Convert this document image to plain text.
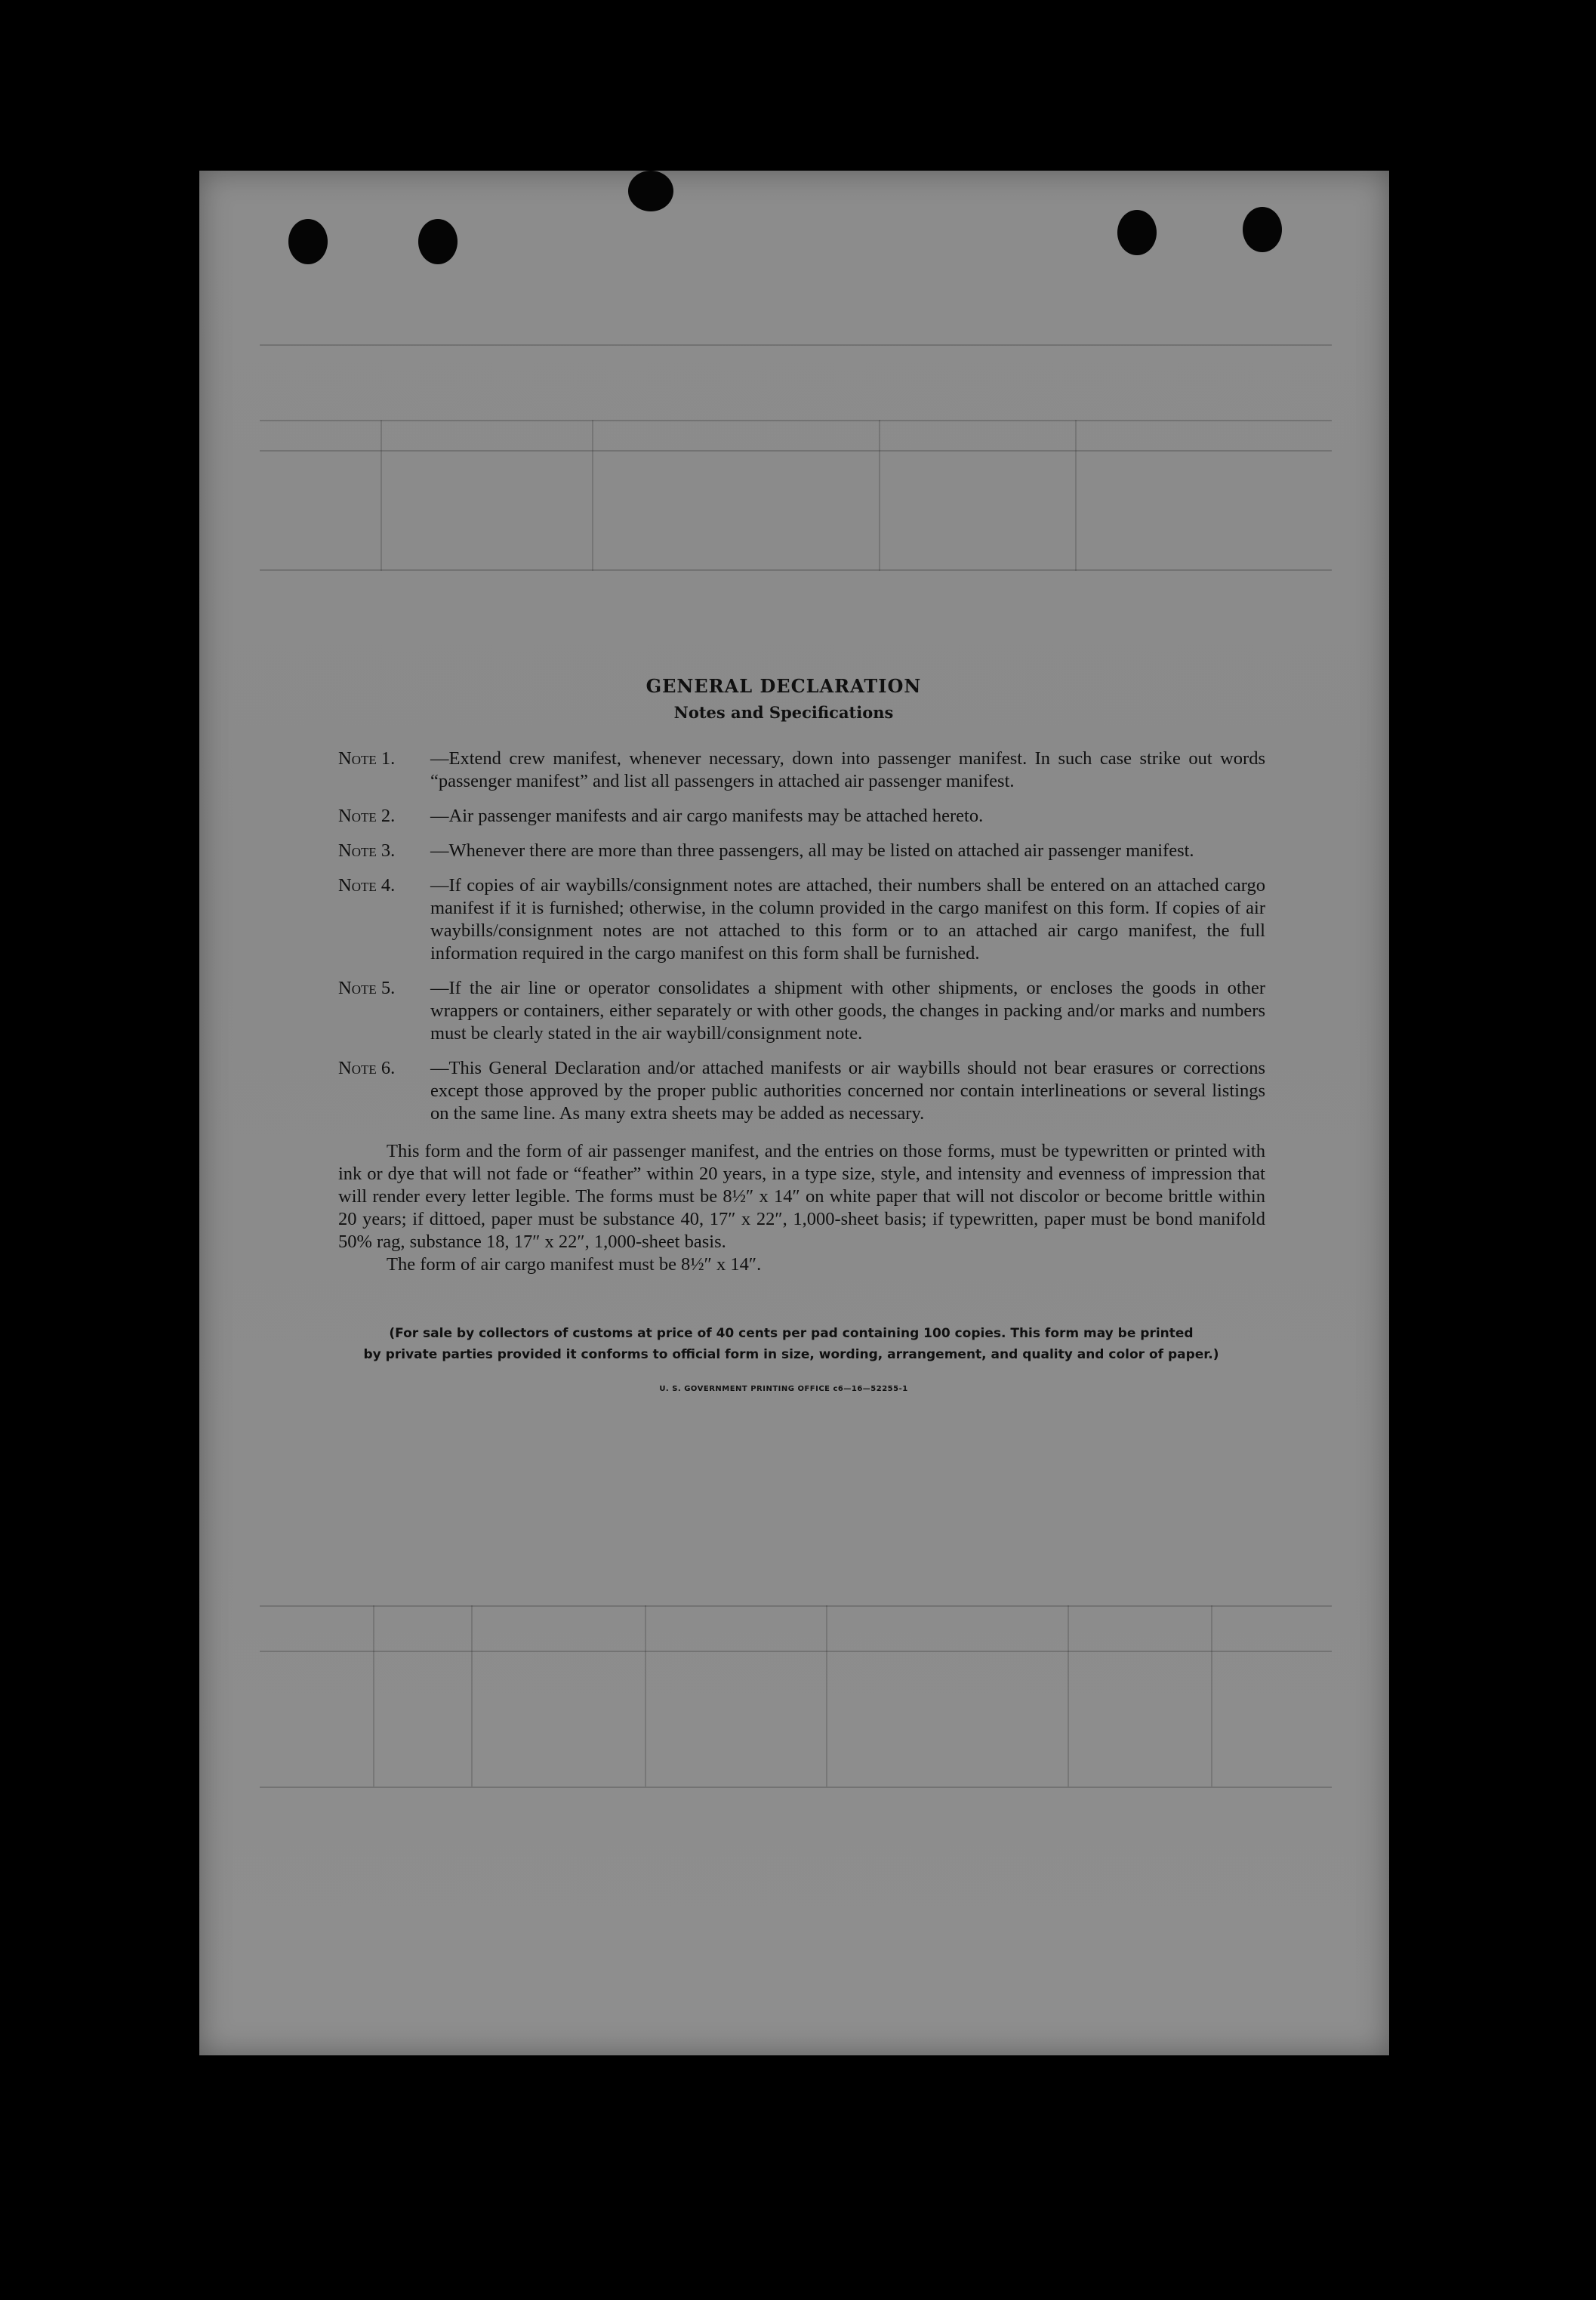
GENERAL DECLARATION
Notes and Specifications
Note 1. —Extend crew manifest, whenever necessary, down into passenger manifest. In such case strike out words “passenger manifest” and list all passengers in attached air passenger manifest.
Note 2. —Air passenger manifests and air cargo manifests may be attached hereto.
Note 3. —Whenever there are more than three passengers, all may be listed on attached air passenger manifest.
Note 4. —If copies of air waybills/consignment notes are attached, their numbers shall be entered on an attached cargo manifest if it is furnished; otherwise, in the column provided in the cargo manifest on this form. If copies of air waybills/consignment notes are not attached to this form or to an attached air cargo manifest, the full information required in the cargo manifest on this form shall be furnished.
Note 5. —If the air line or operator consolidates a shipment with other shipments, or encloses the goods in other wrappers or containers, either separately or with other goods, the changes in packing and/or marks and numbers must be clearly stated in the air waybill/consignment note.
Note 6. —This General Declaration and/or attached manifests or air waybills should not bear erasures or corrections except those approved by the proper public authorities concerned nor contain interlineations or several listings on the same line. As many extra sheets may be added as necessary.
This form and the form of air passenger manifest, and the entries on those forms, must be typewritten or printed with ink or dye that will not fade or “feather” within 20 years, in a type size, style, and intensity and evenness of impression that will render every letter legible. The forms must be 8½″ x 14″ on white paper that will not discolor or become brittle within 20 years; if dittoed, paper must be substance 40, 17″ x 22″, 1,000-sheet basis; if typewritten, paper must be bond manifold 50% rag, substance 18, 17″ x 22″, 1,000-sheet basis.
The form of air cargo manifest must be 8½″ x 14″.
(For sale by collectors of customs at price of 40 cents per pad containing 100 copies. This form may be printed
by private parties provided it conforms to official form in size, wording, arrangement, and quality and color of paper.)
U. S. GOVERNMENT PRINTING OFFICE c6—16—52255-1
